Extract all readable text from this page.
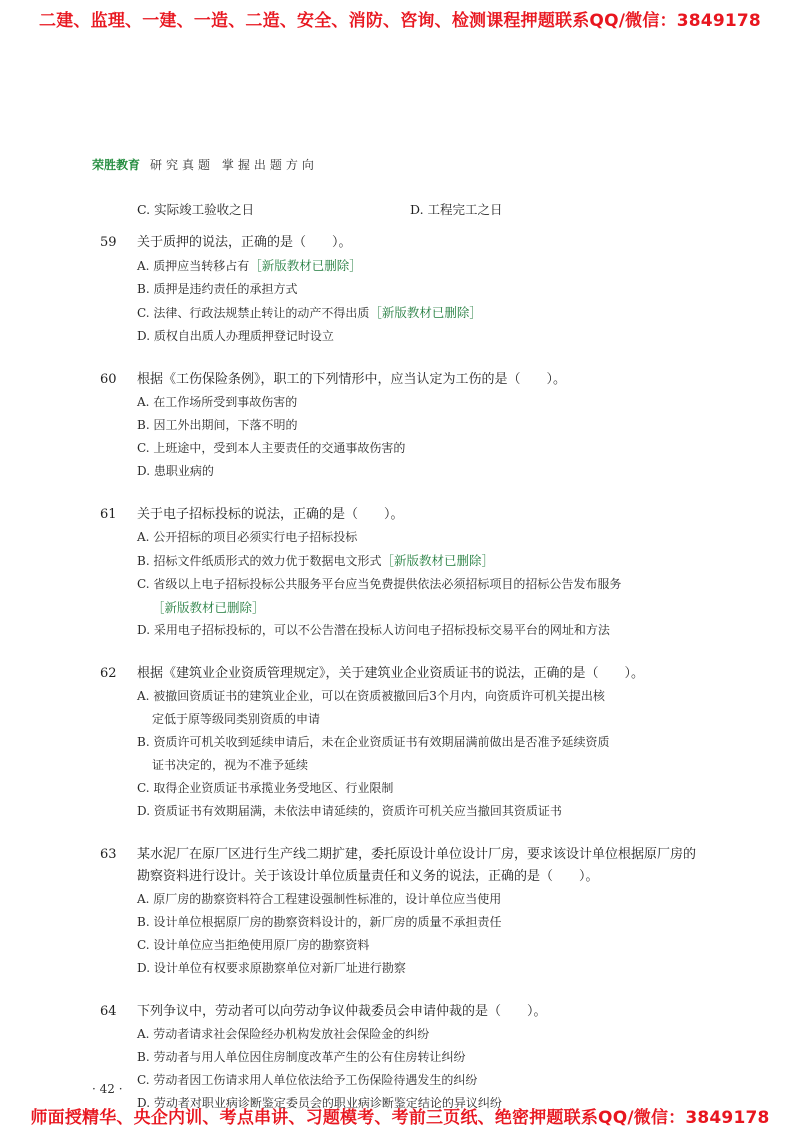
二建、监理、一建、一造、二造、安全、消防、咨询、检测课程押题联系QQ/微信：3849178
荣胜教育 研究真题 掌握出题方向
C. 实际竣工验收之日	D. 工程完工之日
59	关于质押的说法，正确的是（　　）。
A. 质押应当转移占有［新版教材已删除］
B. 质押是违约责任的承担方式
C. 法律、行政法规禁止转让的动产不得出质［新版教材已删除］
D. 质权自出质人办理质押登记时设立
60	根据《工伤保险条例》，职工的下列情形中，应当认定为工伤的是（　　）。
A. 在工作场所受到事故伤害的
B. 因工外出期间，下落不明的
C. 上班途中，受到本人主要责任的交通事故伤害的
D. 患职业病的
61	关于电子招标投标的说法，正确的是（　　）。
A. 公开招标的项目必须实行电子招标投标
B. 招标文件纸质形式的效力优于数据电文形式［新版教材已删除］
C. 省级以上电子招标投标公共服务平台应当免费提供依法必须招标项目的招标公告发布服务
［新版教材已删除］
D. 采用电子招标投标的，可以不公告潜在投标人访问电子招标投标交易平台的网址和方法
62	根据《建筑业企业资质管理规定》，关于建筑业企业资质证书的说法，正确的是（　　）。
A. 被撤回资质证书的建筑业企业，可以在资质被撤回后3个月内，向资质许可机关提出核
定低于原等级同类别资质的申请
B. 资质许可机关收到延续申请后，未在企业资质证书有效期届满前做出是否准予延续资质
证书决定的，视为不准予延续
C. 取得企业资质证书承揽业务受地区、行业限制
D. 资质证书有效期届满，未依法申请延续的，资质许可机关应当撤回其资质证书
63	某水泥厂在原厂区进行生产线二期扩建，委托原设计单位设计厂房，要求该设计单位根据原厂房的勘察资料进行设计。关于该设计单位质量责任和义务的说法，正确的是（　　）。
A. 原厂房的勘察资料符合工程建设强制性标准的，设计单位应当使用
B. 设计单位根据原厂房的勘察资料设计的，新厂房的质量不承担责任
C. 设计单位应当拒绝使用原厂房的勘察资料
D. 设计单位有权要求原勘察单位对新厂址进行勘察
64	下列争议中，劳动者可以向劳动争议仲裁委员会申请仲裁的是（　　）。
A. 劳动者请求社会保险经办机构发放社会保险金的纠纷
B. 劳动者与用人单位因住房制度改革产生的公有住房转让纠纷
C. 劳动者因工伤请求用人单位依法给予工伤保险待遇发生的纠纷
D. 劳动者对职业病诊断鉴定委员会的职业病诊断鉴定结论的异议纠纷
· 42 ·
师面授精华、央企内训、考点串讲、习题模考、考前三页纸、绝密押题联系QQ/微信：3849178
